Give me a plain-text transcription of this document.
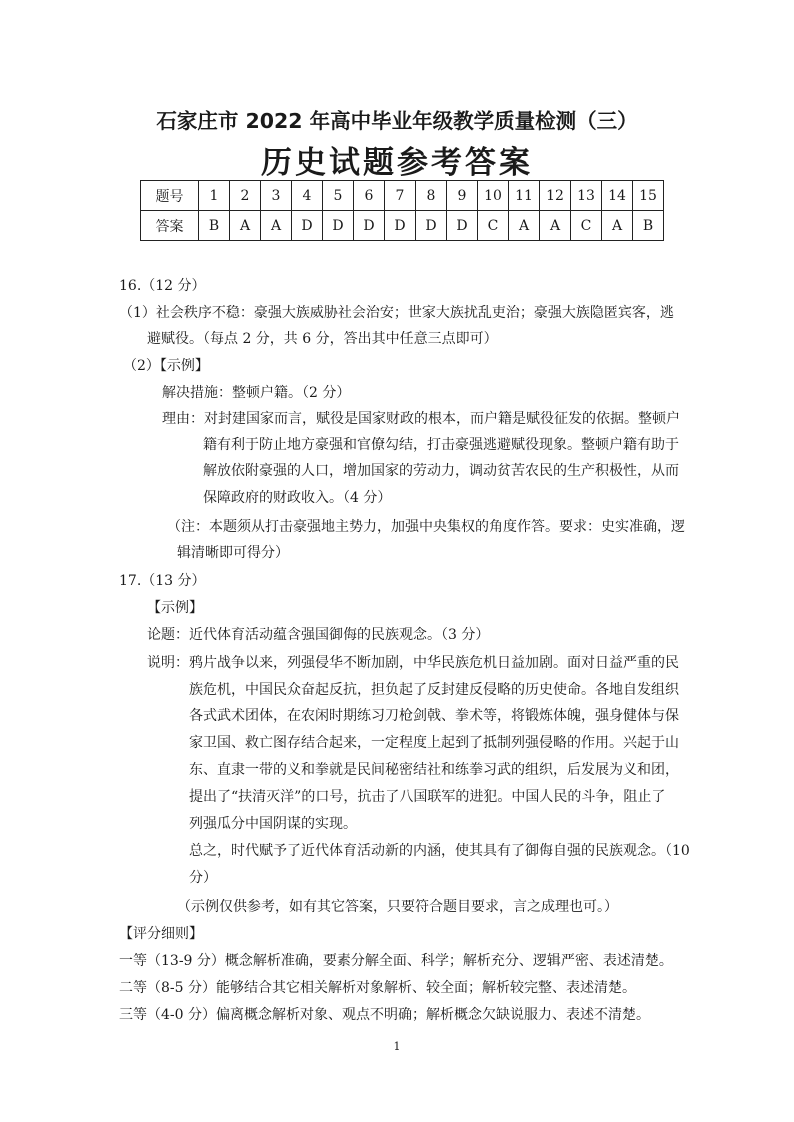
石家庄市 2022 年高中毕业年级教学质量检测（三）
历史试题参考答案
题号	1	2	3	4	5	6	7	8	9	10	11	12	13	14	15
答案	B	A	A	D	D	D	D	D	D	C	A	A	C	A	B
16.（12 分）
（1）社会秩序不稳：豪强大族威胁社会治安；世家大族扰乱吏治；豪强大族隐匿宾客，逃
避赋役。（每点 2 分，共 6 分，答出其中任意三点即可）
（2）【示例】
解决措施：整顿户籍。（2 分）
理由：对封建国家而言，赋役是国家财政的根本，而户籍是赋役征发的依据。整顿户
籍有利于防止地方豪强和官僚勾结，打击豪强逃避赋役现象。整顿户籍有助于
解放依附豪强的人口，增加国家的劳动力，调动贫苦农民的生产积极性，从而
保障政府的财政收入。（4 分）
（注：本题须从打击豪强地主势力，加强中央集权的角度作答。要求：史实准确，逻
辑清晰即可得分）
17.（13 分）
【示例】
论题：近代体育活动蕴含强国御侮的民族观念。（3 分）
说明：鸦片战争以来，列强侵华不断加剧，中华民族危机日益加剧。面对日益严重的民
族危机，中国民众奋起反抗，担负起了反封建反侵略的历史使命。各地自发组织
各式武术团体，在农闲时期练习刀枪剑戟、拳术等，将锻炼体魄，强身健体与保
家卫国、救亡图存结合起来，一定程度上起到了抵制列强侵略的作用。兴起于山
东、直隶一带的义和拳就是民间秘密结社和练拳习武的组织，后发展为义和团，
提出了“扶清灭洋”的口号，抗击了八国联军的进犯。中国人民的斗争，阻止了
列强瓜分中国阴谋的实现。
总之，时代赋予了近代体育活动新的内涵，使其具有了御侮自强的民族观念。（10
分）
（示例仅供参考，如有其它答案，只要符合题目要求，言之成理也可。）
【评分细则】
一等（13-9 分）概念解析准确，要素分解全面、科学；解析充分、逻辑严密、表述清楚。
二等（8-5 分）能够结合其它相关解析对象解析、较全面；解析较完整、表述清楚。
三等（4-0 分）偏离概念解析对象、观点不明确；解析概念欠缺说服力、表述不清楚。
1
